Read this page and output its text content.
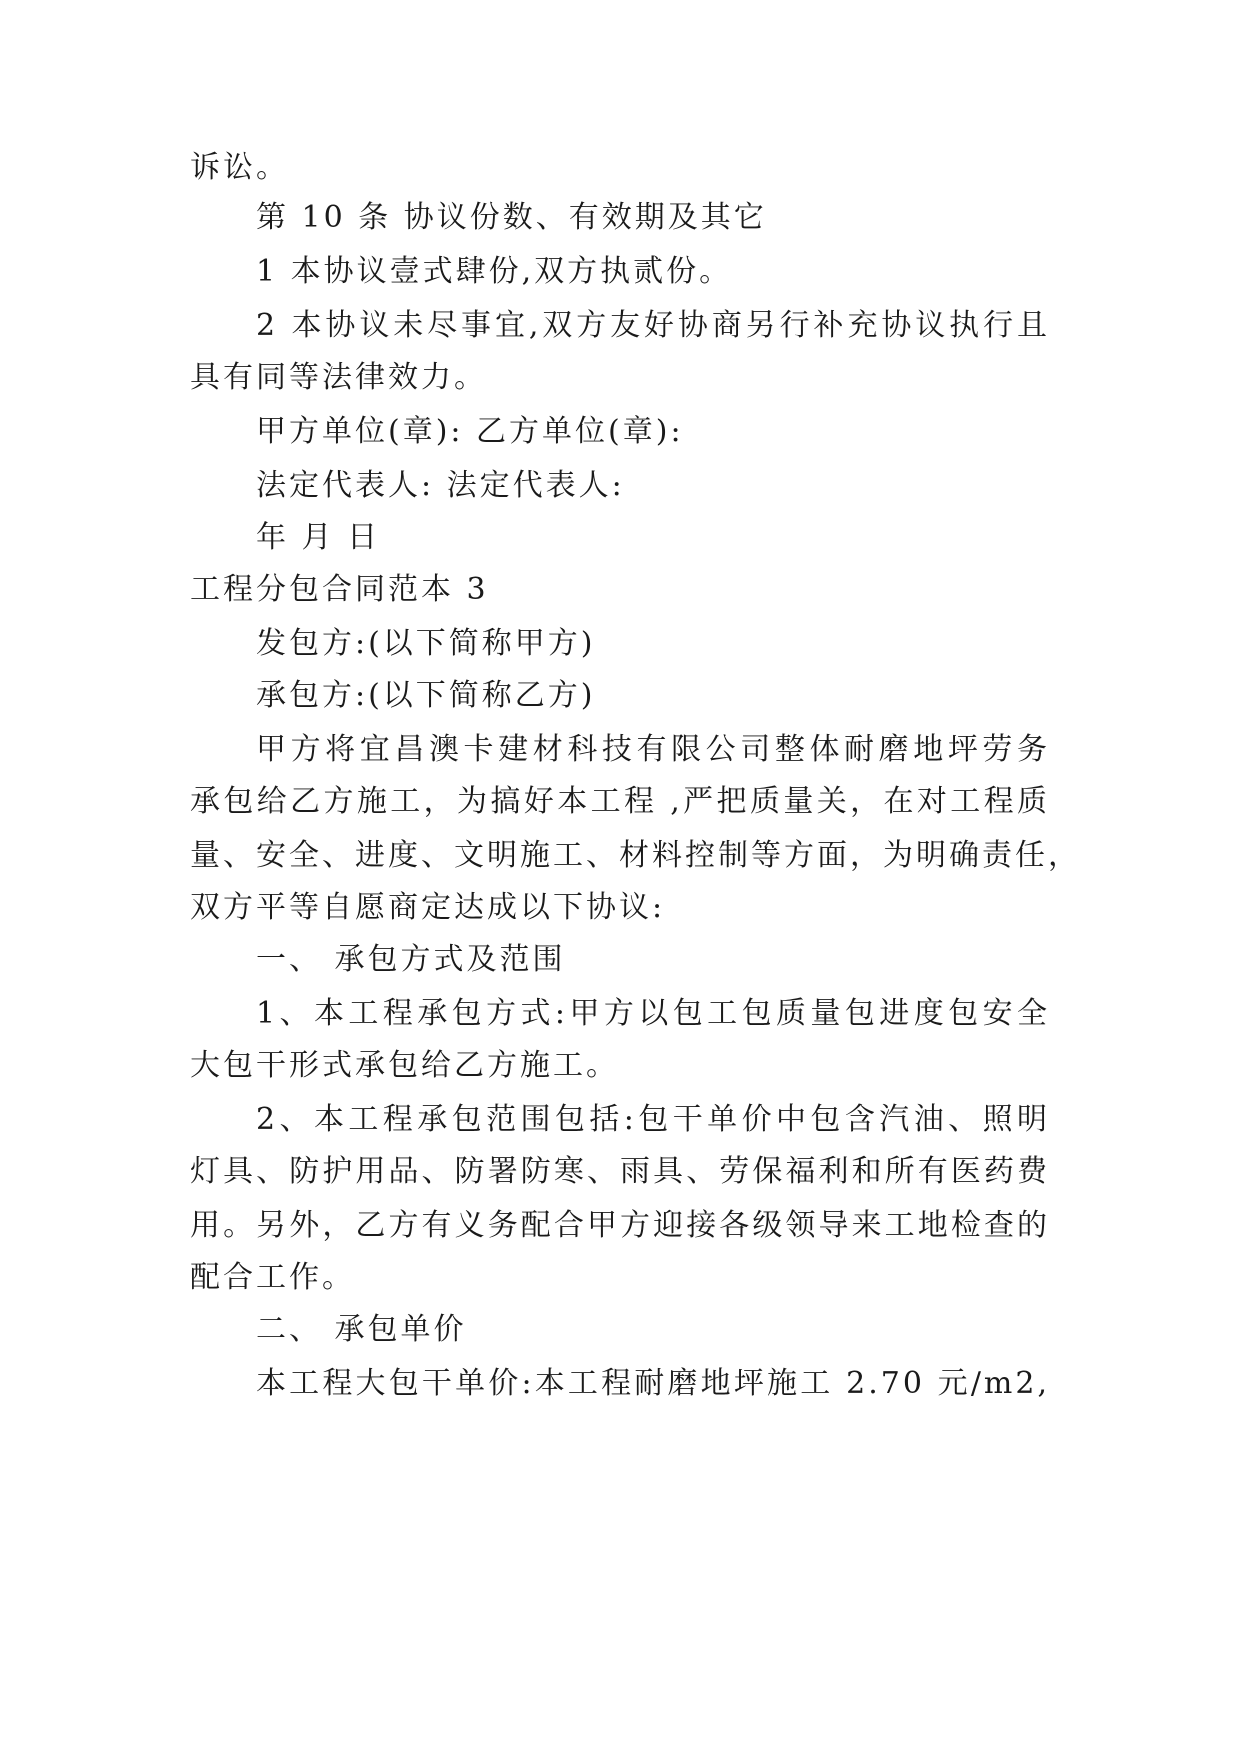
诉讼。
第 10 条 协议份数、有效期及其它
1 本协议壹式肆份,双方执贰份。
2 本协议未尽事宜,双方友好协商另行补充协议执行且
具有同等法律效力。
甲方单位(章): 乙方单位(章):
法定代表人: 法定代表人:
年 月 日
工程分包合同范本 3
发包方:(以下简称甲方)
承包方:(以下简称乙方)
甲方将宜昌澳卡建材科技有限公司整体耐磨地坪劳务
承包给乙方施工，为搞好本工程 ,严把质量关，在对工程质
量、安全、进度、文明施工、材料控制等方面，为明确责任，
双方平等自愿商定达成以下协议:
一、 承包方式及范围
1、本工程承包方式:甲方以包工包质量包进度包安全
大包干形式承包给乙方施工。
2、本工程承包范围包括:包干单价中包含汽油、照明
灯具、防护用品、防署防寒、雨具、劳保福利和所有医药费
用。另外，乙方有义务配合甲方迎接各级领导来工地检查的
配合工作。
二、 承包单价
本工程大包干单价:本工程耐磨地坪施工 2.70 元/m2,
